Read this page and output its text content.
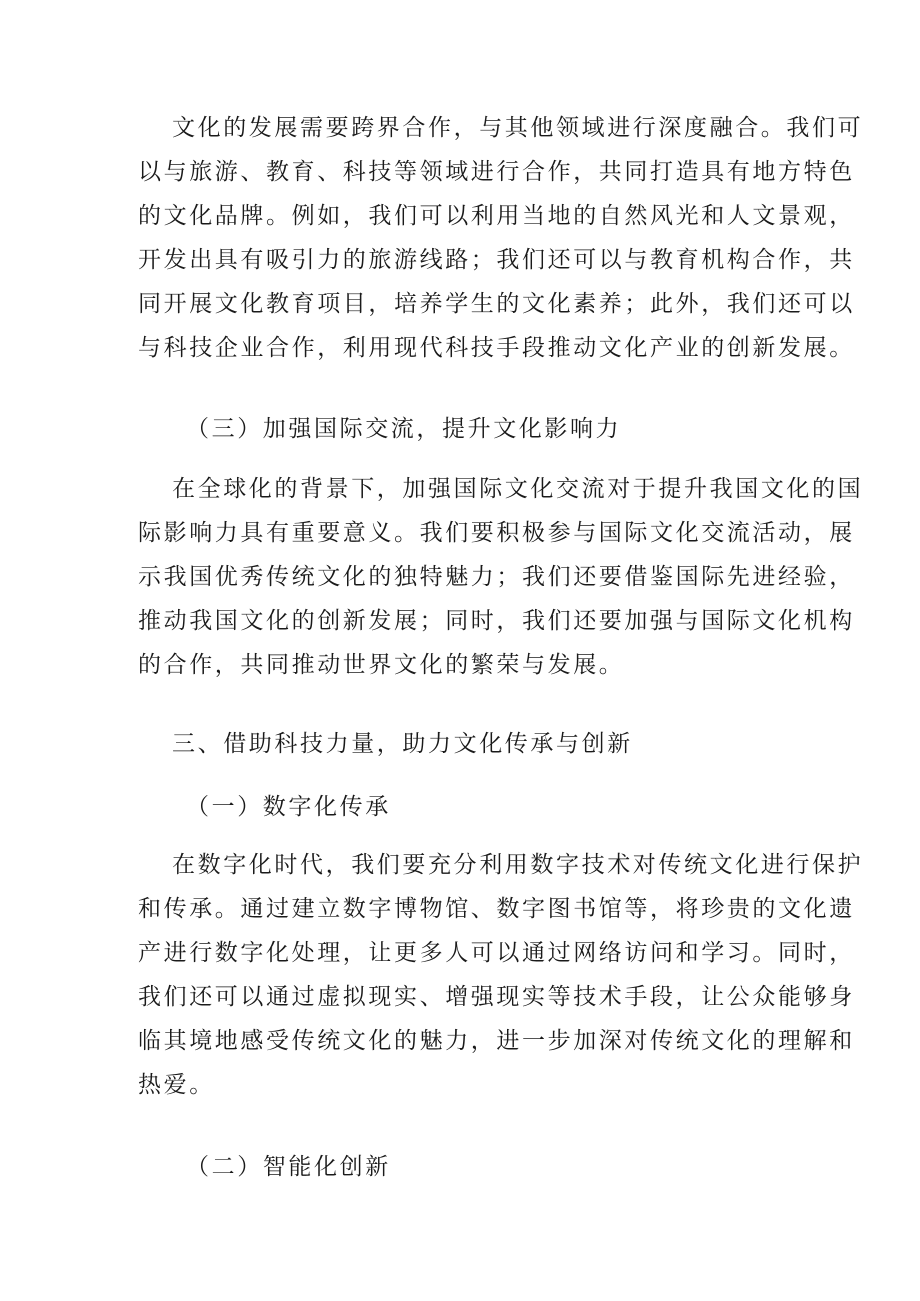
文化的发展需要跨界合作，与其他领域进行深度融合。我们可
以与旅游、教育、科技等领域进行合作，共同打造具有地方特色
的文化品牌。例如，我们可以利用当地的自然风光和人文景观，
开发出具有吸引力的旅游线路；我们还可以与教育机构合作，共
同开展文化教育项目，培养学生的文化素养；此外，我们还可以
与科技企业合作，利用现代科技手段推动文化产业的创新发展。
（三）加强国际交流，提升文化影响力
在全球化的背景下，加强国际文化交流对于提升我国文化的国
际影响力具有重要意义。我们要积极参与国际文化交流活动，展
示我国优秀传统文化的独特魅力；我们还要借鉴国际先进经验，
推动我国文化的创新发展；同时，我们还要加强与国际文化机构
的合作，共同推动世界文化的繁荣与发展。
三、借助科技力量，助力文化传承与创新
（一）数字化传承
在数字化时代，我们要充分利用数字技术对传统文化进行保护
和传承。通过建立数字博物馆、数字图书馆等，将珍贵的文化遗
产进行数字化处理，让更多人可以通过网络访问和学习。同时，
我们还可以通过虚拟现实、增强现实等技术手段，让公众能够身
临其境地感受传统文化的魅力，进一步加深对传统文化的理解和
热爱。
（二）智能化创新
